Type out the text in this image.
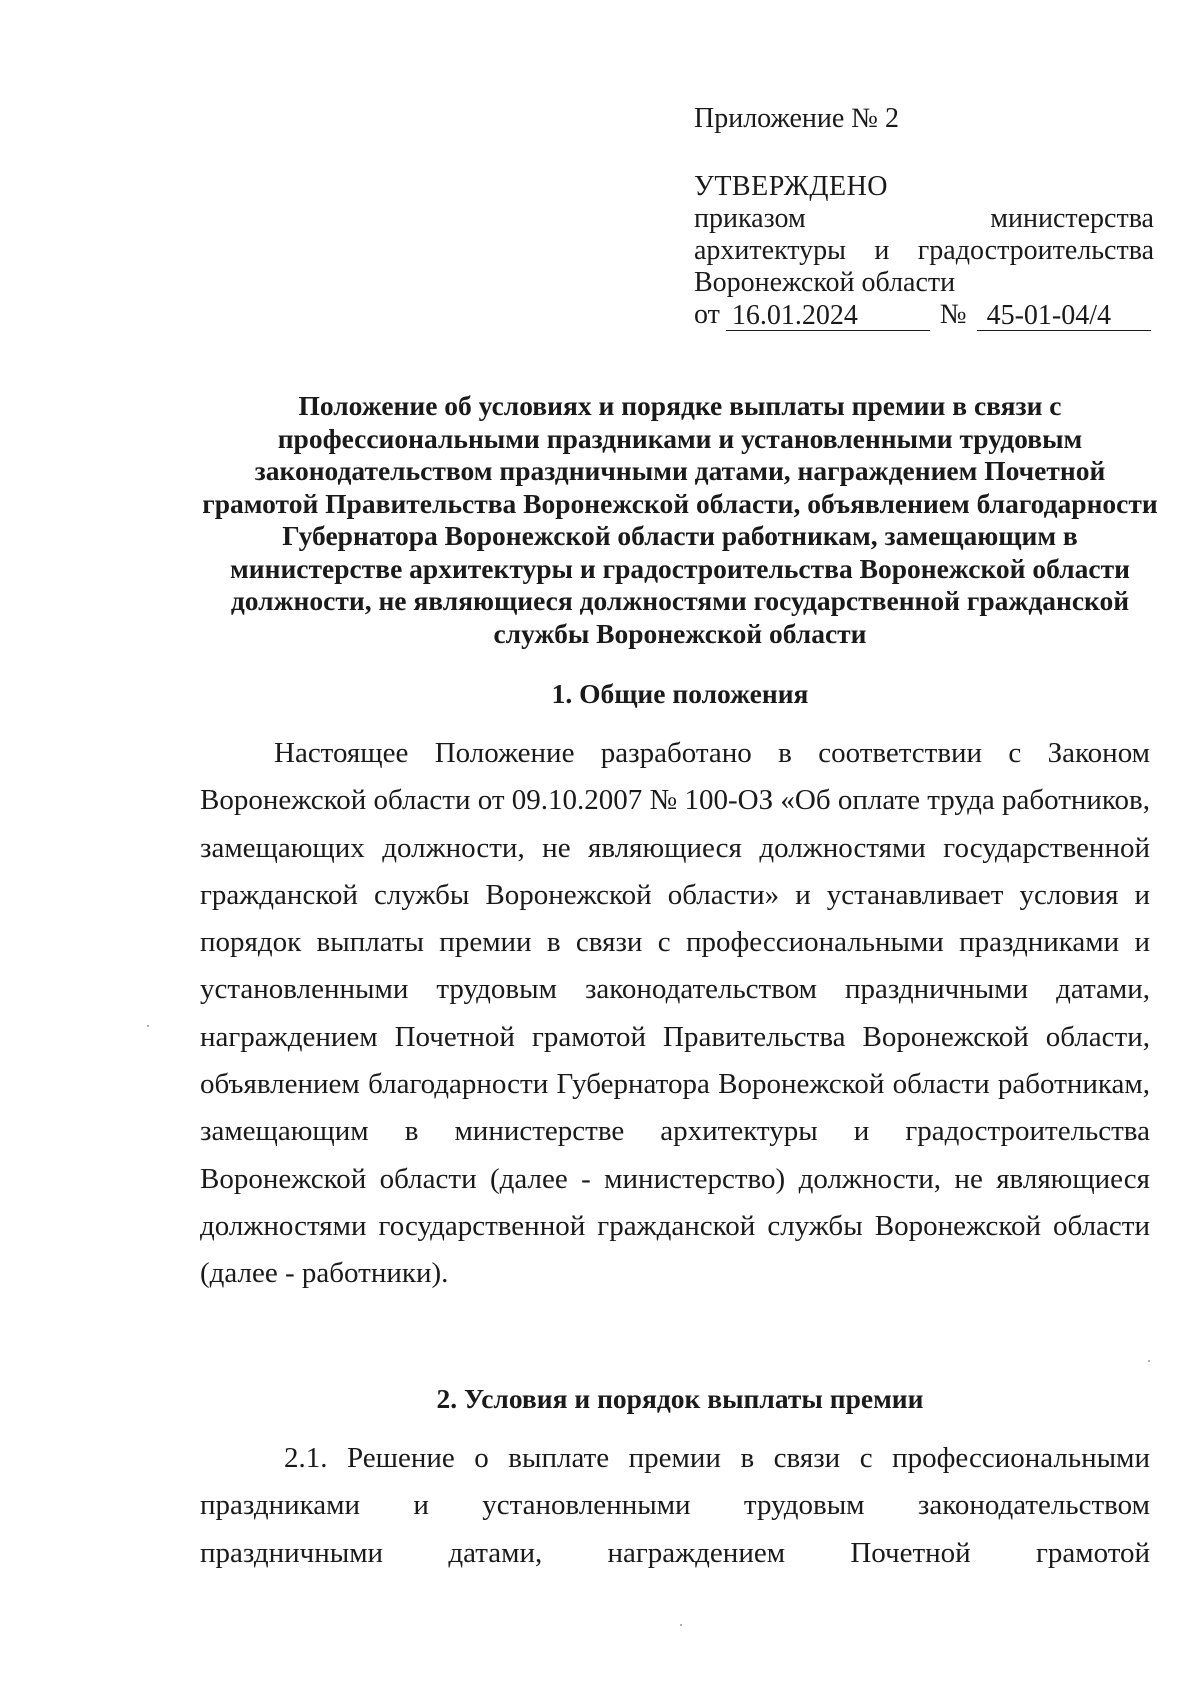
Приложение № 2

УТВЕРЖДЕНО

приказом	министерства

архитектуры и градостроительства

Воронежской области

от 16.01.2024	№ 45-01-04/4

Положение об условиях и порядке выплаты премии в связи с профессиональными праздниками и установленными трудовым законодательством праздничными датами, награждением Почетной грамотой Правительства Воронежской области, объявлением благодарности Губернатора Воронежской области работникам, замещающим в министерстве архитектуры и градостроительства Воронежской области должности, не являющиеся должностями государственной гражданской службы Воронежской области

1. Общие положения

Настоящее Положение разработано в соответствии с Законом Воронежской области от 09.10.2007 № 100-ОЗ «Об оплате труда работников, замещающих должности, не являющиеся должностями государственной гражданской службы Воронежской области» и устанавливает условия и порядок выплаты премии в связи с профессиональными праздниками и установленными трудовым законодательством праздничными датами, награждением Почетной грамотой Правительства Воронежской области, объявлением благодарности Губернатора Воронежской области работникам, замещающим в министерстве архитектуры и градостроительства Воронежской области (далее - министерство) должности, не являющиеся должностями государственной гражданской службы Воронежской области (далее - работники).

2. Условия и порядок выплаты премии

2.1. Решение о выплате премии в связи с профессиональными
праздниками и установленными трудовым законодательством
праздничными датами, награждением Почетной грамотой
